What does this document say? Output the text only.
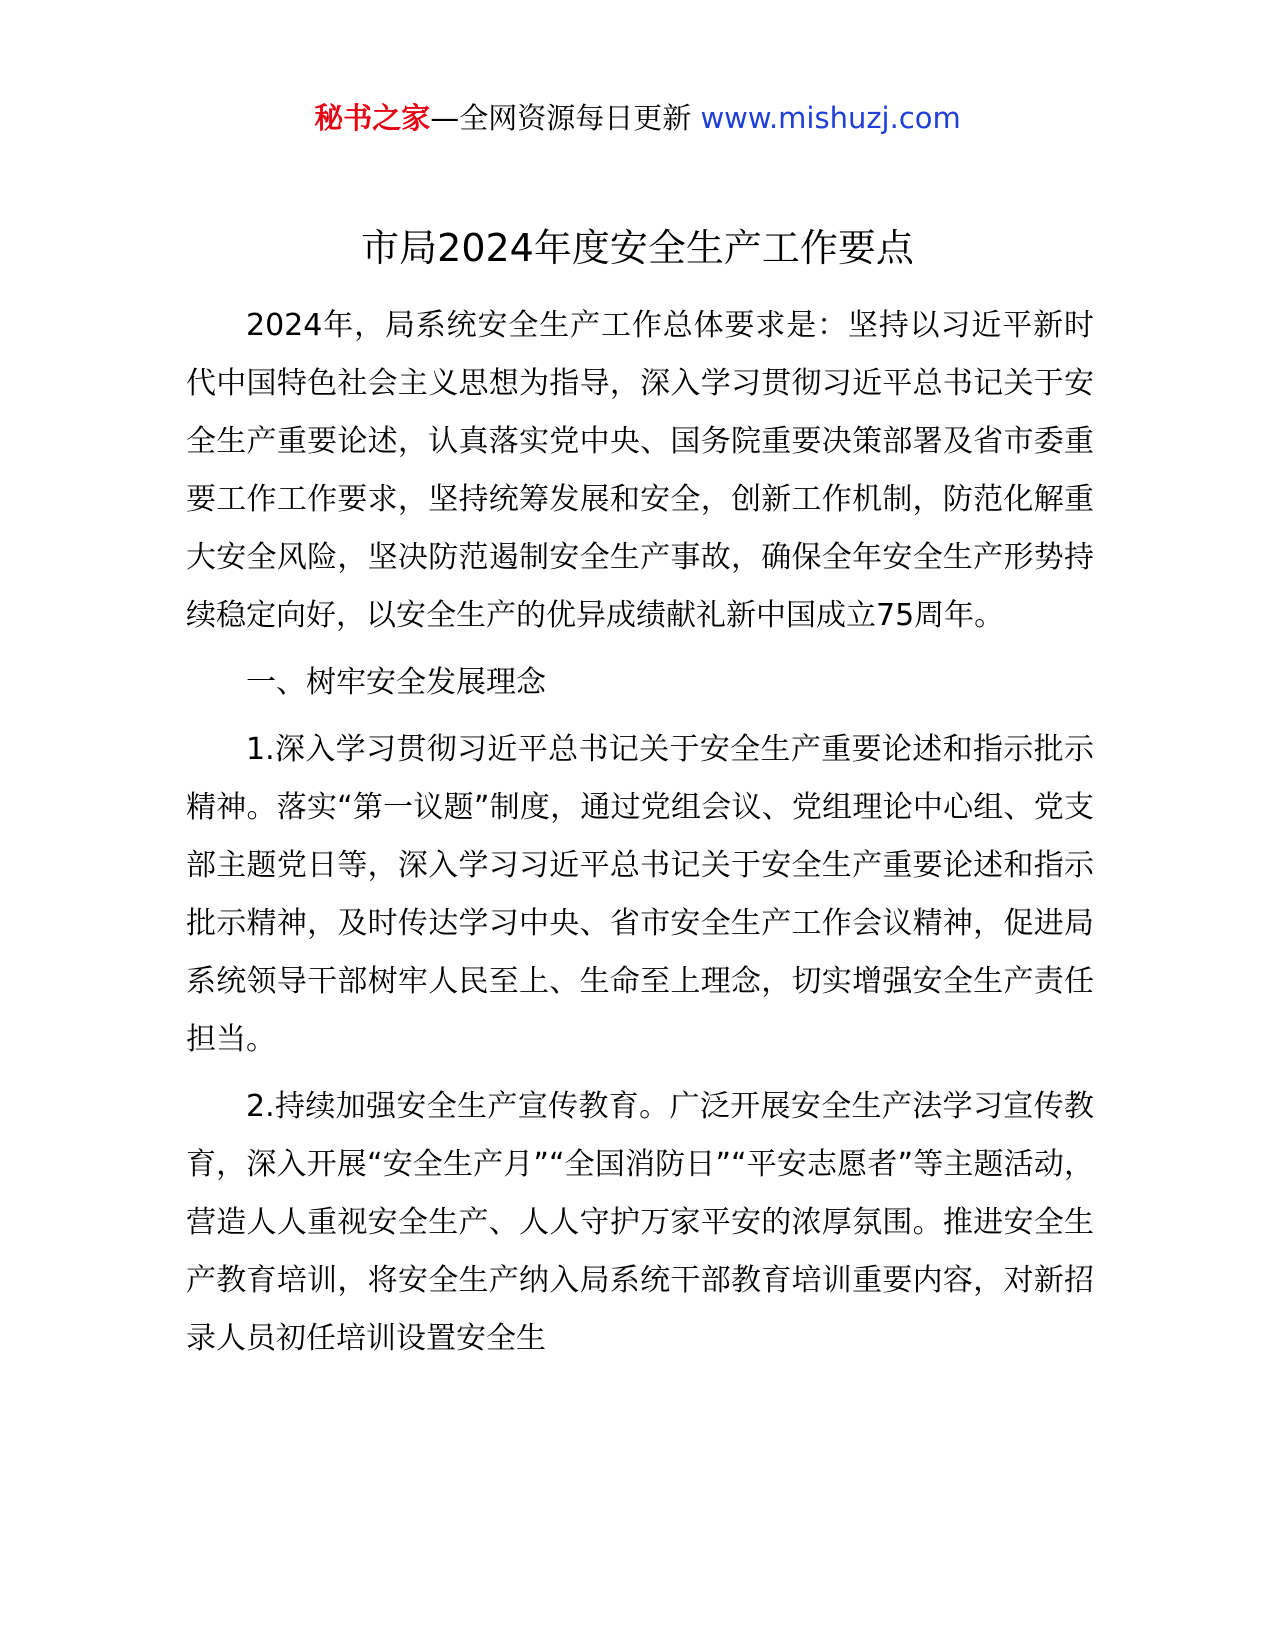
秘书之家—全网资源每日更新 www.mishuzj.com
市局2024年度安全生产工作要点

2024年，局系统安全生产工作总体要求是：坚持以习近平新时代中国特色社会主义思想为指导，深入学习贯彻习近平总书记关于安全生产重要论述，认真落实党中央、国务院重要决策部署及省市委重要工作工作要求，坚持统筹发展和安全，创新工作机制，防范化解重大安全风险，坚决防范遏制安全生产事故，确保全年安全生产形势持续稳定向好，以安全生产的优异成绩献礼新中国成立75周年。

一、树牢安全发展理念

1.深入学习贯彻习近平总书记关于安全生产重要论述和指示批示精神。落实“第一议题”制度，通过党组会议、党组理论中心组、党支部主题党日等，深入学习习近平总书记关于安全生产重要论述和指示批示精神，及时传达学习中央、省市安全生产工作会议精神，促进局系统领导干部树牢人民至上、生命至上理念，切实增强安全生产责任担当。

2.持续加强安全生产宣传教育。广泛开展安全生产法学习宣传教育，深入开展“安全生产月”“全国消防日”“平安志愿者”等主题活动，营造人人重视安全生产、人人守护万家平安的浓厚氛围。推进安全生产教育培训，将安全生产纳入局系统干部教育培训重要内容，对新招录人员初任培训设置安全生
